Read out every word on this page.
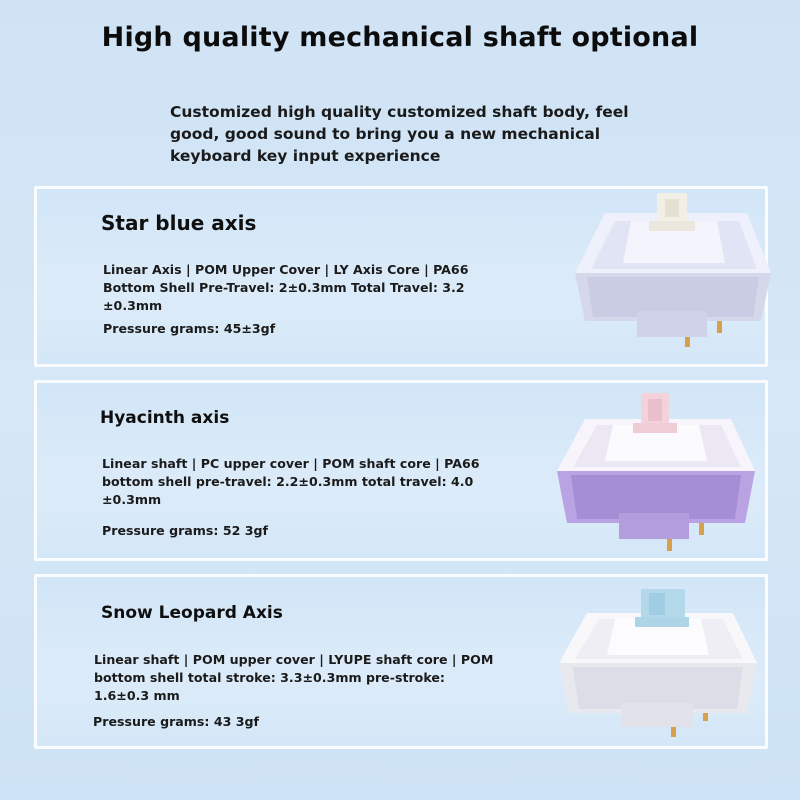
High quality mechanical shaft optional
Customized high quality customized shaft body, feel good, good sound to bring you a new mechanical keyboard key input experience
Star blue axis
Linear Axis | POM Upper Cover | LY Axis Core | PA66 Bottom Shell Pre-Travel: 2±0.3mm Total Travel: 3.2 ±0.3mm
Pressure grams: 45±3gf
Hyacinth axis
Linear shaft | PC upper cover | POM shaft core | PA66 bottom shell pre-travel: 2.2±0.3mm total travel: 4.0 ±0.3mm
Pressure grams: 52 3gf
Snow Leopard Axis
Linear shaft | POM upper cover | LYUPE shaft core | POM bottom shell total stroke: 3.3±0.3mm pre-stroke: 1.6±0.3 mm
Pressure grams: 43 3gf
